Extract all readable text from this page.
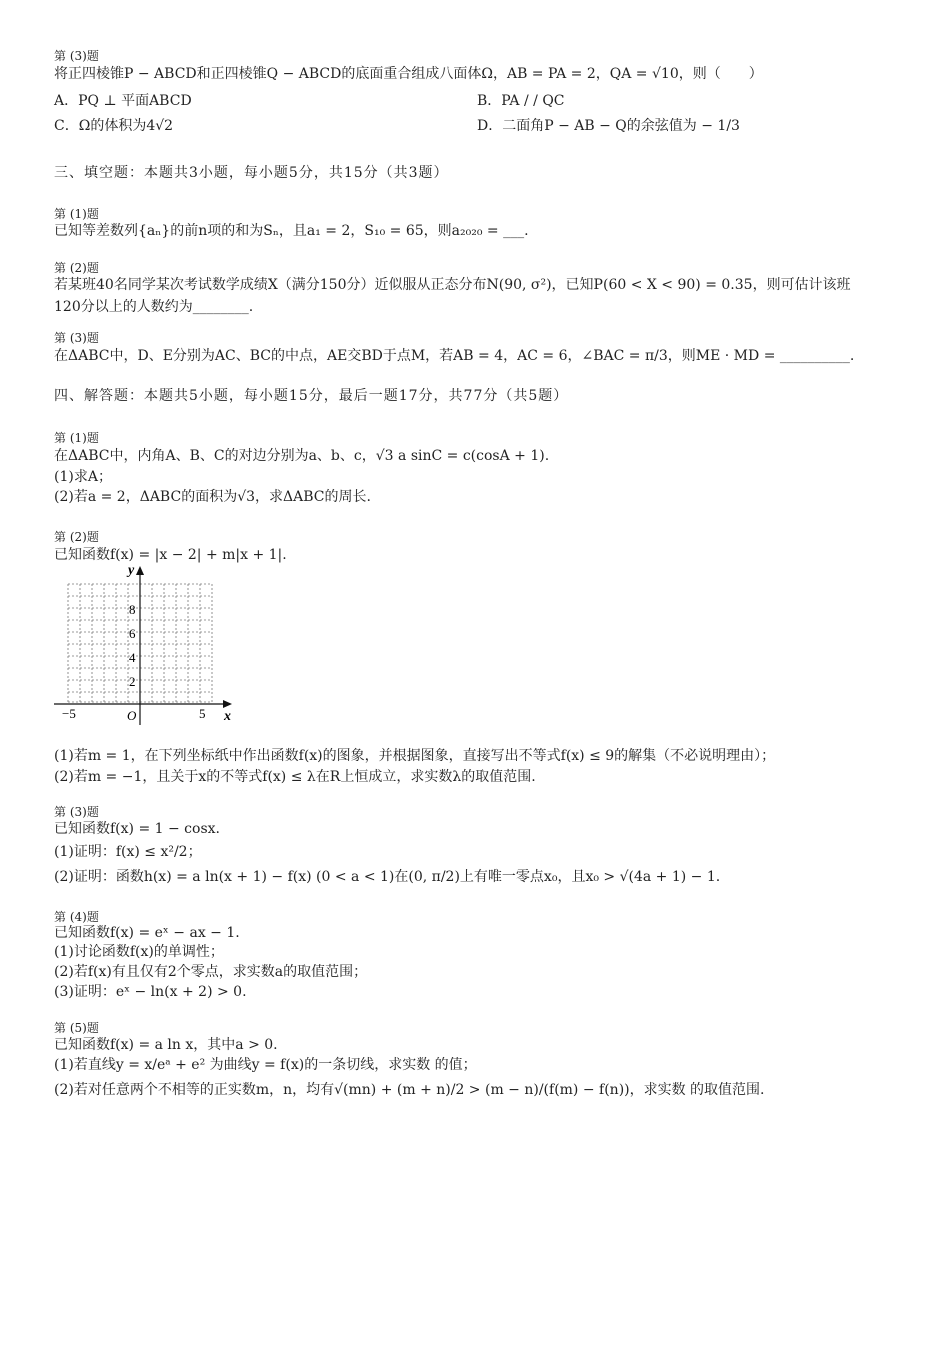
第 (3)题
将正四棱锥P − ABCD和正四棱锥Q − ABCD的底面重合组成八面体Ω，AB = PA = 2，QA = √10，则（　　）
A．PQ ⊥ 平面ABCD	B．PA / / QC
C．Ω的体积为4√2	D．二面角P − AB − Q的余弦值为 − 1/3
三、填空题：本题共3小题，每小题5分，共15分（共3题）
第 (1)题
已知等差数列{aₙ}的前n项的和为Sₙ，且a₁ = 2，S₁₀ = 65，则a₂₀₂₀ = ___.
第 (2)题
若某班40名同学某次考试数学成绩X（满分150分）近似服从正态分布N(90, σ²)，已知P(60 < X < 90) = 0.35，则可估计该班
120分以上的人数约为________.
第 (3)题
在ΔABC中，D、E分别为AC、BC的中点，AE交BD于点M，若AB = 4，AC = 6，∠BAC = π/3，则ME · MD = __________.
四、解答题：本题共5小题，每小题15分，最后一题17分，共77分（共5题）
第 (1)题
在ΔABC中，内角A、B、C的对边分别为a、b、c，√3 a sinC = c(cosA + 1).
(1)求A；
(2)若a = 2，ΔABC的面积为√3，求ΔABC的周长.
第 (2)题
已知函数f(x) = |x − 2| + m|x + 1|.
y
x
O
−5	5
8
6
4
2
(1)若m = 1，在下列坐标纸中作出函数f(x)的图象，并根据图象，直接写出不等式f(x) ≤ 9的解集（不必说明理由）；
(2)若m = −1，且关于x的不等式f(x) ≤ λ在R上恒成立，求实数λ的取值范围.
第 (3)题
已知函数f(x) = 1 − cosx.
(1)证明：f(x) ≤ x²/2；
(2)证明：函数h(x) = a ln(x + 1) − f(x) (0 < a < 1)在(0, π/2)上有唯一零点x₀，且x₀ > √(4a + 1) − 1.
第 (4)题
已知函数f(x) = eˣ − ax − 1.
(1)讨论函数f(x)的单调性；
(2)若f(x)有且仅有2个零点，求实数a的取值范围；
(3)证明：eˣ − ln(x + 2) > 0.
第 (5)题
已知函数f(x) = a ln x，其中a > 0.
(1)若直线y = x/eᵃ + e² 为曲线y = f(x)的一条切线，求实数 的值；
(2)若对任意两个不相等的正实数m，n，均有√(mn) + (m + n)/2 > (m − n)/(f(m) − f(n))，求实数 的取值范围.
